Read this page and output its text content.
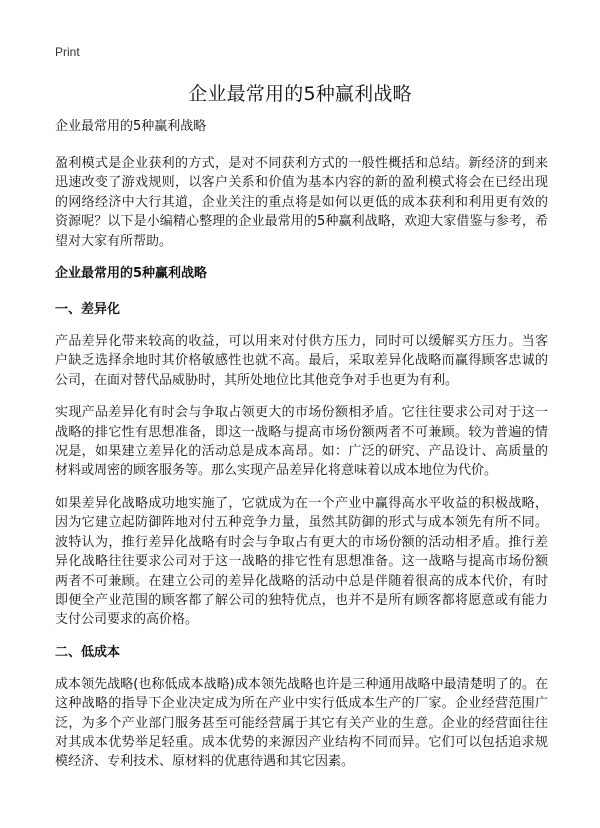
Print
企业最常用的5种赢利战略
企业最常用的5种赢利战略

盈利模式是企业获利的方式，是对不同获利方式的一般性概括和总结。新经济的到来迅速改变了游戏规则，以客户关系和价值为基本内容的新的盈利模式将会在已经出现的网络经济中大行其道，企业关注的重点将是如何以更低的成本获利和利用更有效的资源呢？以下是小编精心整理的企业最常用的5种赢利战略，欢迎大家借鉴与参考，希望对大家有所帮助。

企业最常用的5种赢利战略
一、差异化

产品差异化带来较高的收益，可以用来对付供方压力，同时可以缓解买方压力。当客户缺乏选择余地时其价格敏感性也就不高。最后，采取差异化战略而赢得顾客忠诚的公司，在面对替代品威胁时，其所处地位比其他竞争对手也更为有利。

实现产品差异化有时会与争取占领更大的市场份额相矛盾。它往往要求公司对于这一战略的排它性有思想准备，即这一战略与提高市场份额两者不可兼顾。较为普遍的情况是，如果建立差异化的活动总是成本高昂。如：广泛的研究、产品设计、高质量的材料或周密的顾客服务等。那么实现产品差异化将意味着以成本地位为代价。

如果差异化战略成功地实施了，它就成为在一个产业中赢得高水平收益的积极战略，因为它建立起防御阵地对付五种竞争力量，虽然其防御的形式与成本领先有所不同。波特认为，推行差异化战略有时会与争取占有更大的市场份额的活动相矛盾。推行差异化战略往往要求公司对于这一战略的排它性有思想准备。这一战略与提高市场份额两者不可兼顾。在建立公司的差异化战略的活动中总是伴随着很高的成本代价，有时即便全产业范围的顾客都了解公司的独特优点，也并不是所有顾客都将愿意或有能力支付公司要求的高价格。

二、低成本

成本领先战略(也称低成本战略)成本领先战略也许是三种通用战略中最清楚明了的。在这种战略的指导下企业决定成为所在产业中实行低成本生产的厂家。企业经营范围广泛，为多个产业部门服务甚至可能经营属于其它有关产业的生意。企业的经营面往往对其成本优势举足轻重。成本优势的来源因产业结构不同而异。它们可以包括追求规模经济、专利技术、原材料的优惠待遇和其它因素。
